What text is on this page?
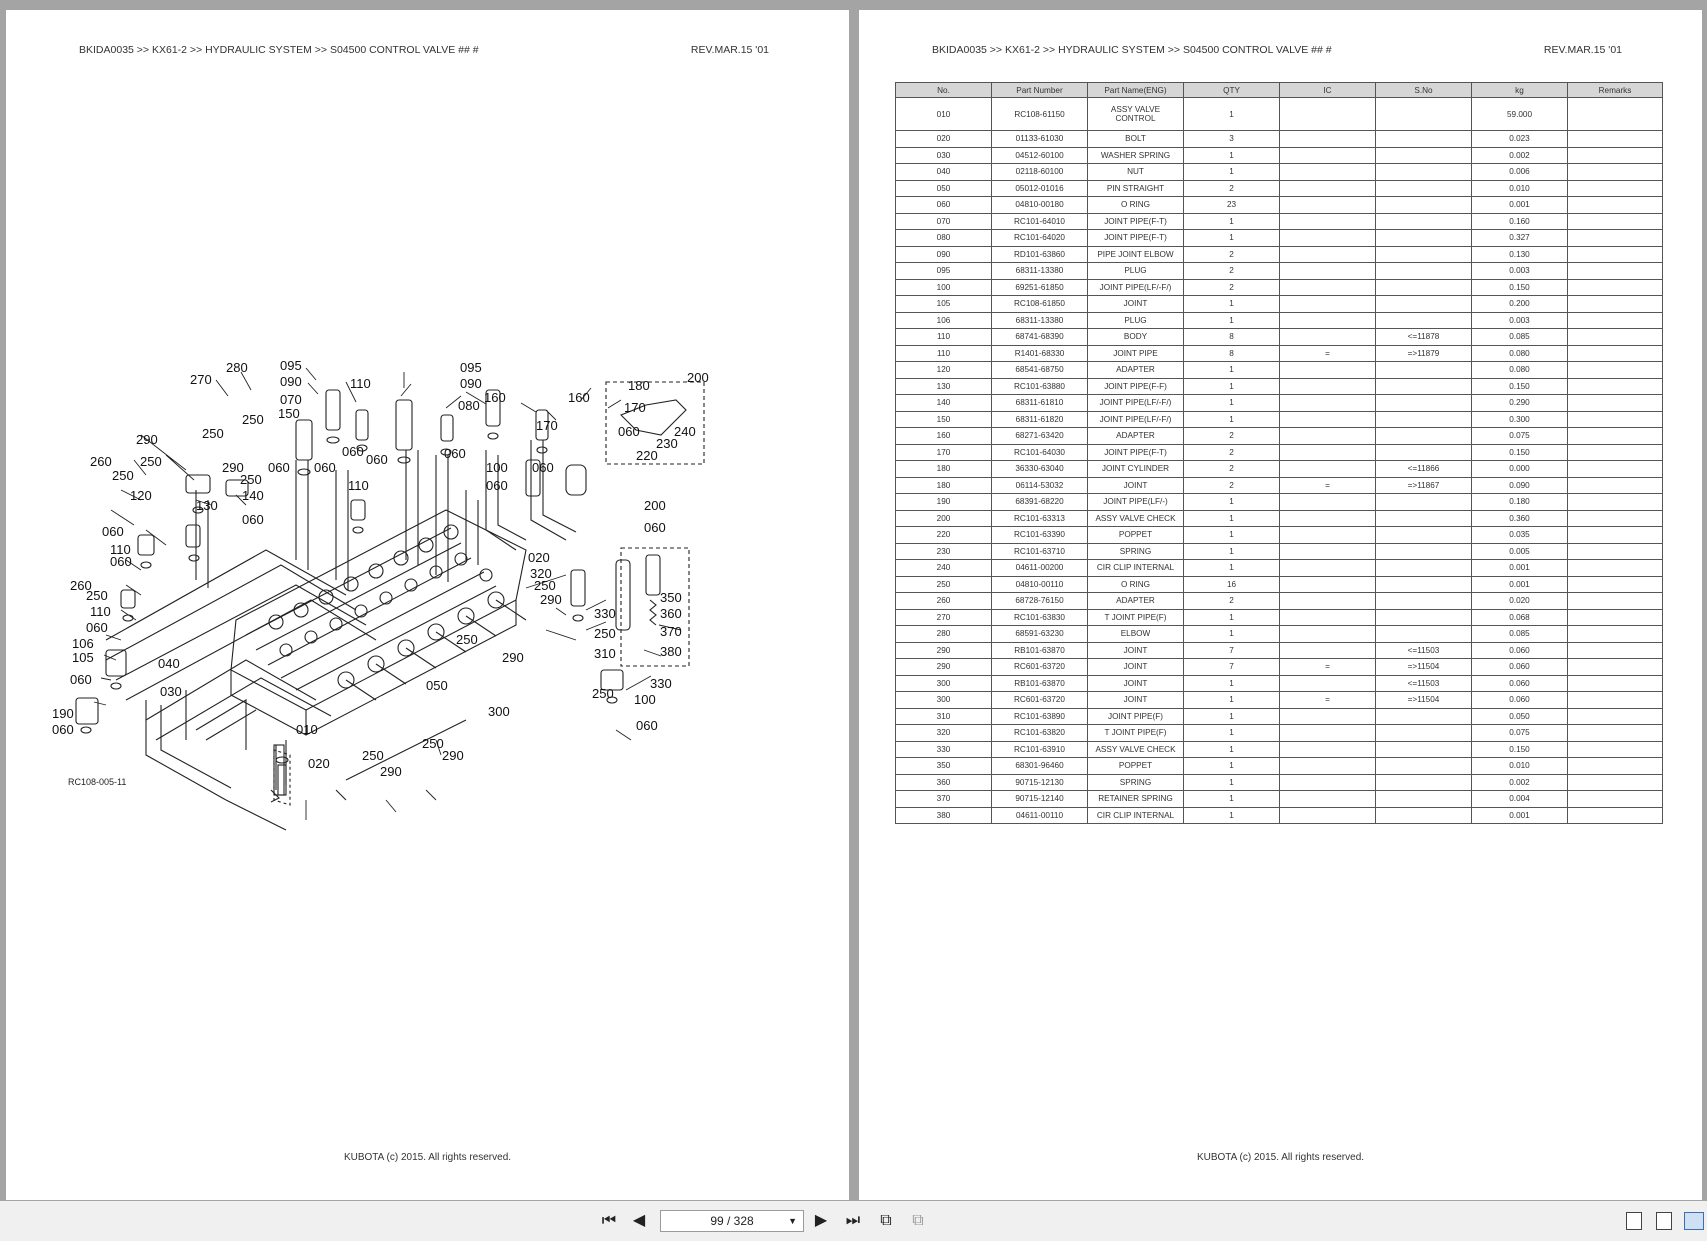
BKIDA0035 >> KX61-2 >> HYDRAULIC SYSTEM >> S04500 CONTROL VALVE ## #	REV.MAR.15 '01
095
090
280
270	110
095
090
070
150
080
160	160
180
200
250
250
290
250
260
250
290
120	140
130
250
060
060
060 060
060
060
170
170
060
060
110
100
060
220
230
240
200
060
060
110
060	020
320
260
250
250
290	350
110	330	360
060	250	370
106
310
105	380
040
250
290
060
030	050	330
250 100
190	300
060	060
010
250
290
250
020
290
RC108-005-11
KUBOTA (c) 2015. All rights reserved.
BKIDA0035 >> KX61-2 >> HYDRAULIC SYSTEM >> S04500 CONTROL VALVE ## #	REV.MAR.15 '01
No.	Part Number	Part Name(ENG)	QTY	IC	S.No	kg	Remarks
010	RC108-61150	ASSY VALVE CONTROL	1			59.000	
020	01133-61030	BOLT	3			0.023	
030	04512-60100	WASHER SPRING	1			0.002	
040	02118-60100	NUT	1			0.006	
050	05012-01016	PIN STRAIGHT	2			0.010	
060	04810-00180	O RING	23			0.001	
070	RC101-64010	JOINT PIPE(F-T)	1			0.160	
080	RC101-64020	JOINT PIPE(F-T)	1			0.327	
090	RD101-63860	PIPE JOINT ELBOW	2			0.130	
095	68311-13380	PLUG	2			0.003	
100	69251-61850	JOINT PIPE(LF/-F/)	2			0.150	
105	RC108-61850	JOINT	1			0.200	
106	68311-13380	PLUG	1			0.003	
110	68741-68390	BODY	8		<=11878	0.085	
110	R1401-68330	JOINT PIPE	8	=	=>11879	0.080	
120	68541-68750	ADAPTER	1			0.080	
130	RC101-63880	JOINT PIPE(F-F)	1			0.150	
140	68311-61810	JOINT PIPE(LF/-F/)	1			0.290	
150	68311-61820	JOINT PIPE(LF/-F/)	1			0.300	
160	68271-63420	ADAPTER	2			0.075	
170	RC101-64030	JOINT PIPE(F-T)	2			0.150	
180	36330-63040	JOINT CYLINDER	2		<=11866	0.000	
180	06114-53032	JOINT	2	=	=>11867	0.090	
190	68391-68220	JOINT PIPE(LF/-)	1			0.180	
200	RC101-63313	ASSY VALVE CHECK	1			0.360	
220	RC101-63390	POPPET	1			0.035	
230	RC101-63710	SPRING	1			0.005	
240	04611-00200	CIR CLIP INTERNAL	1			0.001	
250	04810-00110	O RING	16			0.001	
260	68728-76150	ADAPTER	2			0.020	
270	RC101-63830	T JOINT PIPE(F)	1			0.068	
280	68591-63230	ELBOW	1			0.085	
290	RB101-63870	JOINT	7		<=11503	0.060	
290	RC601-63720	JOINT	7	=	=>11504	0.060	
300	RB101-63870	JOINT	1		<=11503	0.060	
300	RC601-63720	JOINT	1	=	=>11504	0.060	
310	RC101-63890	JOINT PIPE(F)	1			0.050	
320	RC101-63820	T JOINT PIPE(F)	1			0.075	
330	RC101-63910	ASSY VALVE CHECK	1			0.150	
350	68301-96460	POPPET	1			0.010	
360	90715-12130	SPRING	1			0.002	
370	90715-12140	RETAINER SPRING	1			0.004	
380	04611-00110	CIR CLIP INTERNAL	1			0.001	
KUBOTA (c) 2015. All rights reserved.
⏮	◀	99 / 328	▼	▶	⏭	⧉	⧉
